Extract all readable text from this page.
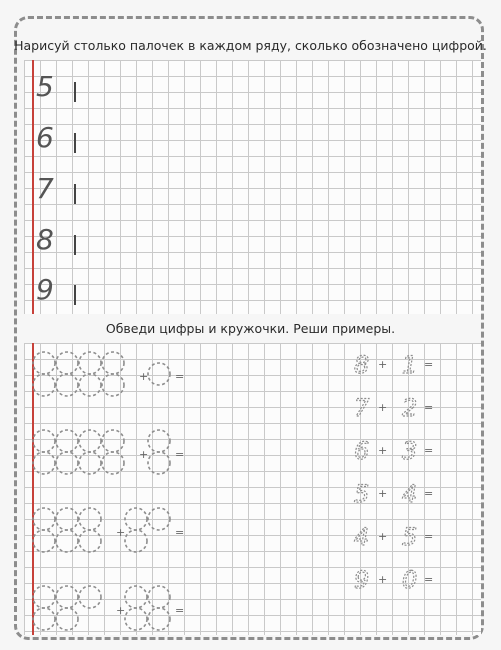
Нарисуй столько палочек в каждом ряду, сколько обозначено цифрой.
5
6
7
8
9
Обведи цифры и кружочки. Реши примеры.
+ =
+ =
+	=
+	=
8 + 1 =
7 + 2 =
6 + 3 =
5 + 4 =
4 + 5 =
9 + 0 =
